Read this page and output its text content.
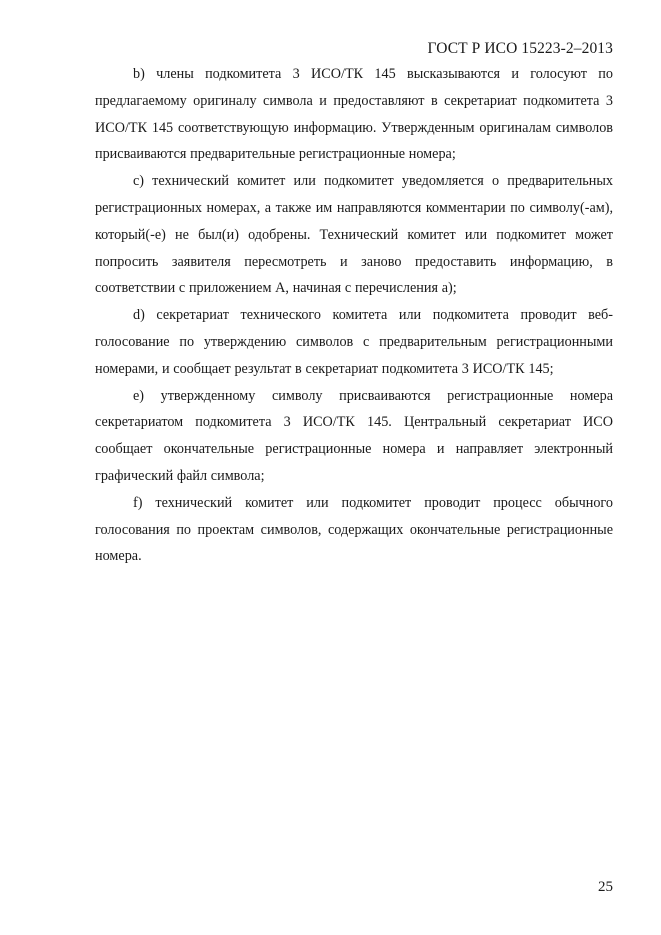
ГОСТ Р ИСО 15223-2–2013

b) члены подкомитета 3 ИСО/ТК 145 высказываются и голосуют по предлагаемому оригиналу символа и предоставляют в секретариат подкомитета 3 ИСО/ТК 145 соответствующую информацию. Утвержденным оригиналам символов присваиваются предварительные регистрационные номера;

c) технический комитет или подкомитет уведомляется о предварительных регистрационных номерах, а также им направляются комментарии по символу(-ам), который(-е) не был(и) одобрены. Технический комитет или подкомитет может попросить заявителя пересмотреть и заново предоставить информацию, в соответствии с приложением А, начиная с перечисления а);

d) секретариат технического комитета или подкомитета проводит веб-голосование по утверждению символов с предварительным регистрационными номерами, и сообщает результат в секретариат подкомитета 3 ИСО/ТК 145;

e) утвержденному символу присваиваются регистрационные номера секретариатом подкомитета 3 ИСО/ТК 145. Центральный секретариат ИСО сообщает окончательные регистрационные номера и направляет электронный графический файл символа;

f) технический комитет или подкомитет проводит процесс обычного голосования по проектам символов, содержащих окончательные регистрационные номера.

25
